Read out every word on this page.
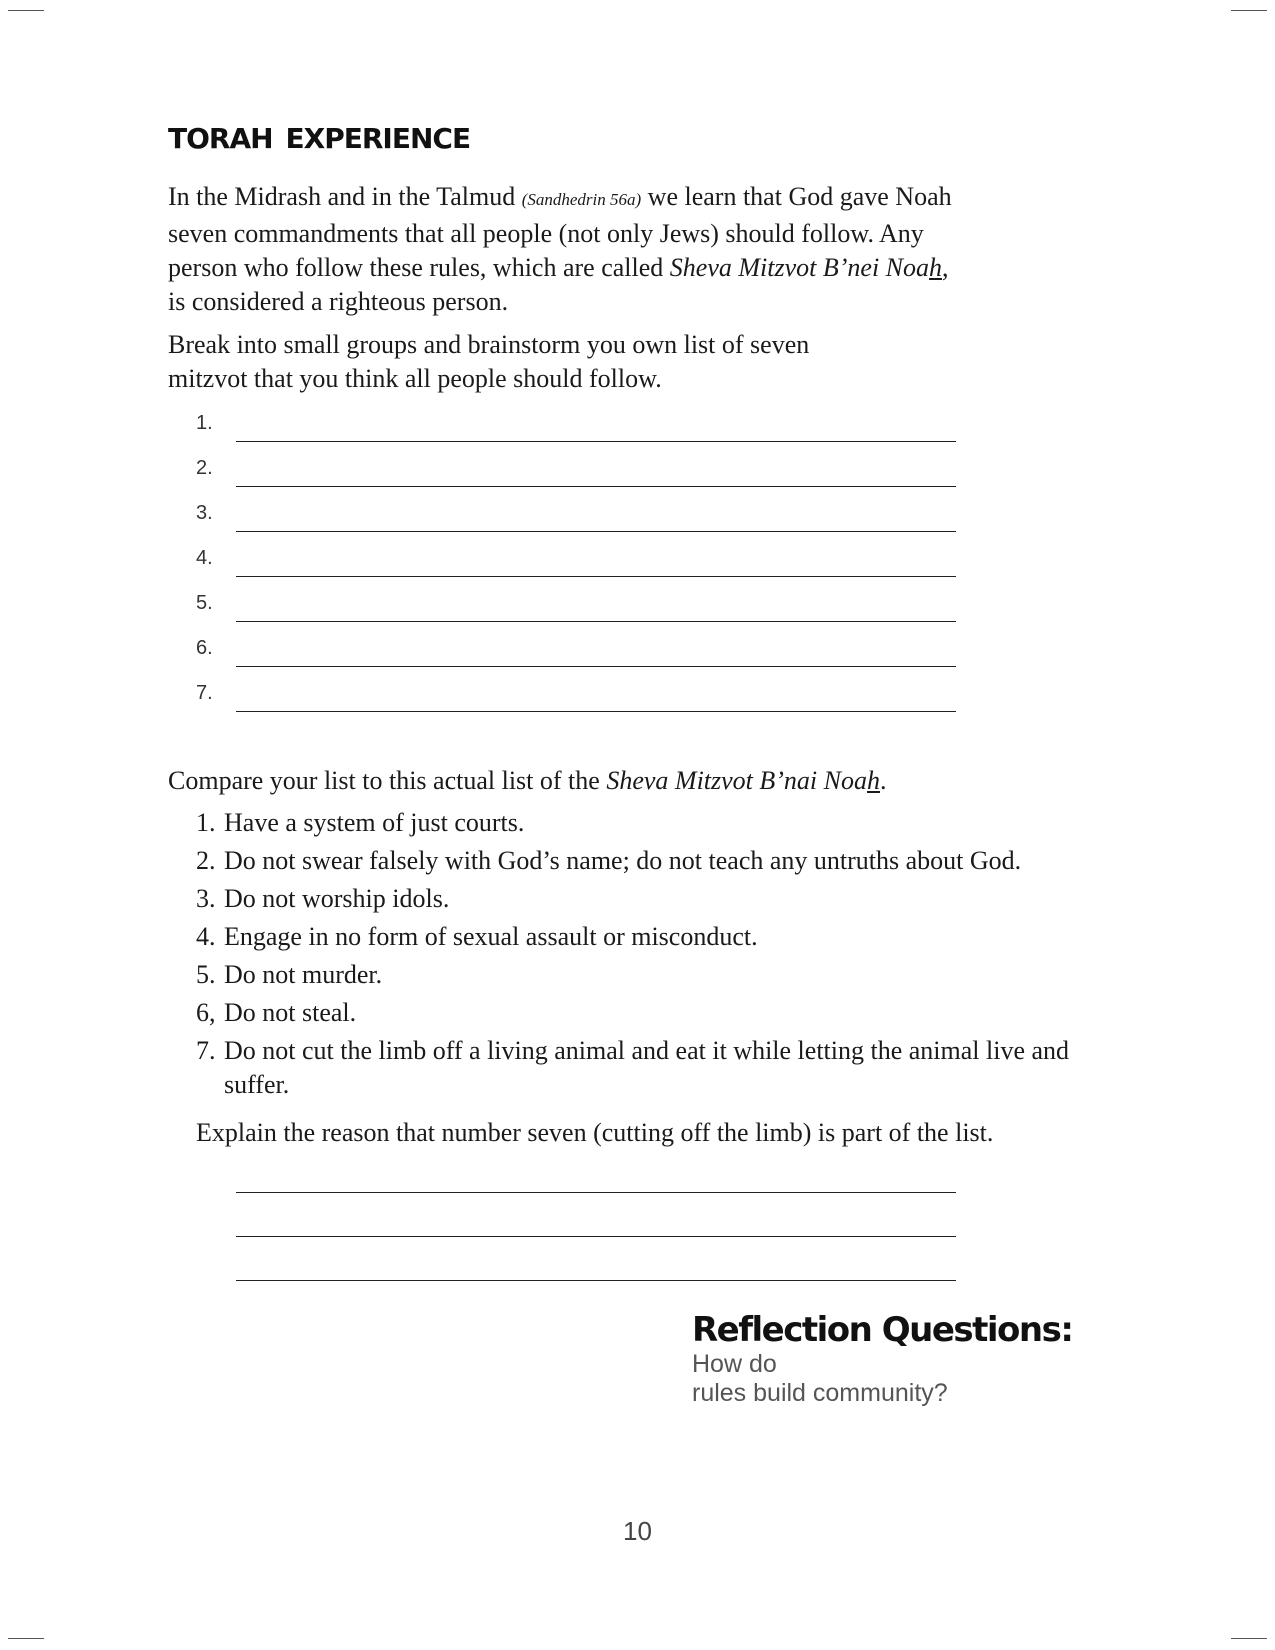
torah experience

In the Midrash and in the Talmud (Sandhedrin 56a) we learn that God gave Noah seven commandments that all people (not only Jews) should follow. Any person who follow these rules, which are called Sheva Mitzvot B’nei Noah, is considered a righteous person.

Break into small groups and brainstorm you own list of seven mitzvot that you think all people should follow.

1.
2.
3.
4.
5.
6.
7.

Compare your list to this actual list of the Sheva Mitzvot B’nai Noah.

1. Have a system of just courts.
2. Do not swear falsely with God’s name; do not teach any untruths about God.
3. Do not worship idols.
4. Engage in no form of sexual assault or misconduct.
5. Do not murder.
6, Do not steal.
7. Do not cut the limb off a living animal and eat it while letting the animal live and suffer.

Explain the reason that number seven (cutting off the limb) is part of the list.

Reflection Questions: How do
rules build community?
10
